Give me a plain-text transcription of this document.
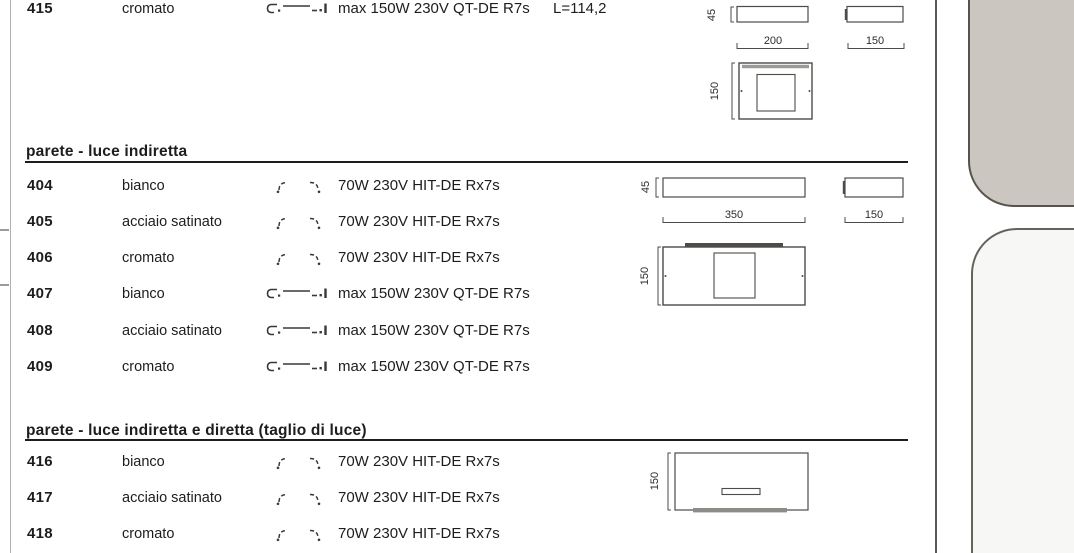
415	cromato	max 150W 230V QT-DE R7s L=114,2	45
200	150
150
parete - luce indiretta
404	bianco	70W 230V HIT-DE Rx7s
405	acciaio satinato	70W 230V HIT-DE Rx7s
406	cromato	70W 230V HIT-DE Rx7s
407	bianco	max 150W 230V QT-DE R7s
408	acciaio satinato	max 150W 230V QT-DE R7s
409	cromato	max 150W 230V QT-DE R7s
45
350	150
150
parete - luce indiretta e diretta (taglio di luce)
416	bianco	70W 230V HIT-DE Rx7s
417	acciaio satinato	70W 230V HIT-DE Rx7s
418	cromato	70W 230V HIT-DE Rx7s
150
